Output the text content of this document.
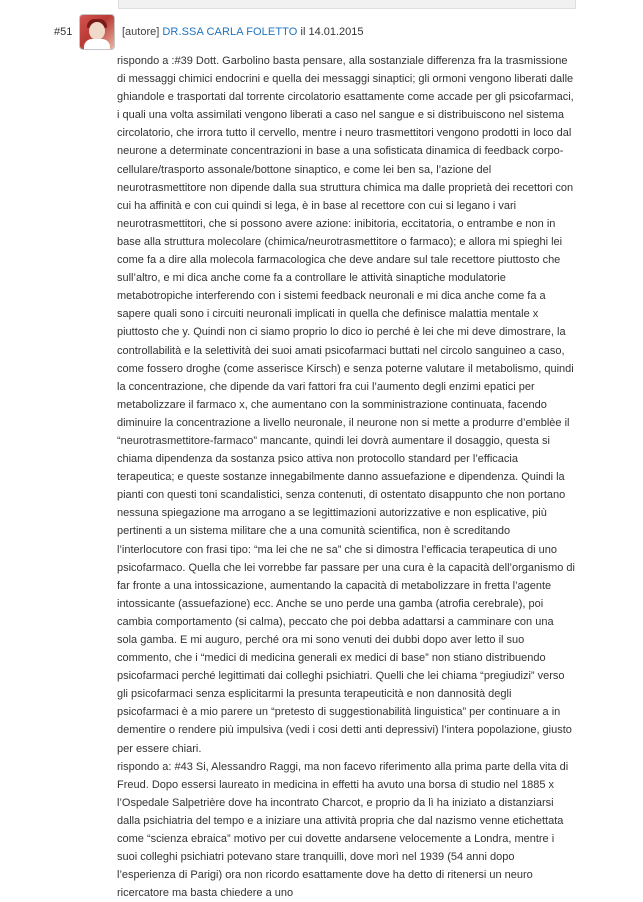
#51	[autore] DR.SSA CARLA FOLETTO il 14.01.2015

rispondo a :#39 Dott. Garbolino basta pensare, alla sostanziale differenza fra la trasmissione di messaggi chimici endocrini e quella dei messaggi sinaptici; gli ormoni vengono liberati dalle ghiandole e trasportati dal torrente circolatorio esattamente come accade per gli psicofarmaci, i quali una volta assimilati vengono liberati a caso nel sangue e si distribuiscono nel sistema circolatorio, che irrora tutto il cervello, mentre i neuro trasmettitori vengono prodotti in loco dal neurone a determinate concentrazioni in base a una sofisticata dinamica di feedback corpo-cellulare/trasporto assonale/bottone sinaptico, e come lei ben sa, l’azione del neurotrasmettitore non dipende dalla sua struttura chimica ma dalle proprietà dei recettori con cui ha affinità e con cui quindi si lega, è in base al recettore con cui si legano i vari neurotrasmettitori, che si possono avere azione: inibitoria, eccitatoria, o entrambe e non in base alla struttura molecolare (chimica/neurotrasmettitore o farmaco); e allora mi spieghi lei come fa a dire alla molecola farmacologica che deve andare sul tale recettore piuttosto che sull’altro, e mi dica anche come fa a controllare le attività sinaptiche modulatorie metabotropiche interferendo con i sistemi feedback neuronali e mi dica anche come fa a sapere quali sono i circuiti neuronali implicati in quella che definisce malattia mentale x piuttosto che y. Quindi non ci siamo proprio lo dico io perché è lei che mi deve dimostrare, la controllabilità e la selettività dei suoi amati psicofarmaci buttati nel circolo sanguineo a caso, come fossero droghe (come asserisce Kirsch) e senza poterne valutare il metabolismo, quindi la concentrazione, che dipende da vari fattori fra cui l’aumento degli enzimi epatici per metabolizzare il farmaco x, che aumentano con la somministrazione continuata, facendo diminuire la concentrazione a livello neuronale, il neurone non si mette a produrre d’emblèe il “neurotrasmettitore-farmaco” mancante, quindi lei dovrà aumentare il dosaggio, questa si chiama dipendenza da sostanza psico attiva non protocollo standard per l’efficacia terapeutica; e queste sostanze innegabilmente danno assuefazione e dipendenza. Quindi la pianti con questi toni scandalistici, senza contenuti, di ostentato disappunto che non portano nessuna spiegazione ma arrogano a se legittimazioni autorizzative e non esplicative, più pertinenti a un sistema militare che a una comunità scientifica, non è screditando l’interlocutore con frasi tipo: “ma lei che ne sa” che si dimostra l’efficacia terapeutica di uno psicofarmaco. Quella che lei vorrebbe far passare per una cura è la capacità dell’organismo di far fronte a una intossicazione, aumentando la capacità di metabolizzare in fretta l’agente intossicante (assuefazione) ecc. Anche se uno perde una gamba (atrofia cerebrale), poi cambia comportamento (si calma), peccato che poi debba adattarsi a camminare con una sola gamba. E mi auguro, perché ora mi sono venuti dei dubbi dopo aver letto il suo commento, che i “medici di medicina generali ex medici di base” non stiano distribuendo psicofarmaci perché legittimati dai colleghi psichiatri. Quelli che lei chiama “pregiudizi” verso gli psicofarmaci senza esplicitarmi la presunta terapeuticità e non dannosità degli psicofarmaci è a mio parere un “pretesto di suggestionabilità linguistica” per continuare a in dementire o rendere più impulsiva (vedi i cosi detti anti depressivi) l’intera popolazione, giusto per essere chiari.

rispondo a: #43 Si, Alessandro Raggi, ma non facevo riferimento alla prima parte della vita di Freud. Dopo essersi laureato in medicina in effetti ha avuto una borsa di studio nel 1885 x l’Ospedale Salpetrière dove ha incontrato Charcot, e proprio da lì ha iniziato a distanziarsi dalla psichiatria del tempo e a iniziare una attività propria che dal nazismo venne etichettata come “scienza ebraica” motivo per cui dovette andarsene velocemente a Londra, mentre i suoi colleghi psichiatri potevano stare tranquilli, dove morì nel 1939 (54 anni dopo l’esperienza di Parigi) ora non ricordo esattamente dove ha detto di ritenersi un neuro ricercatore ma basta chiedere a uno
